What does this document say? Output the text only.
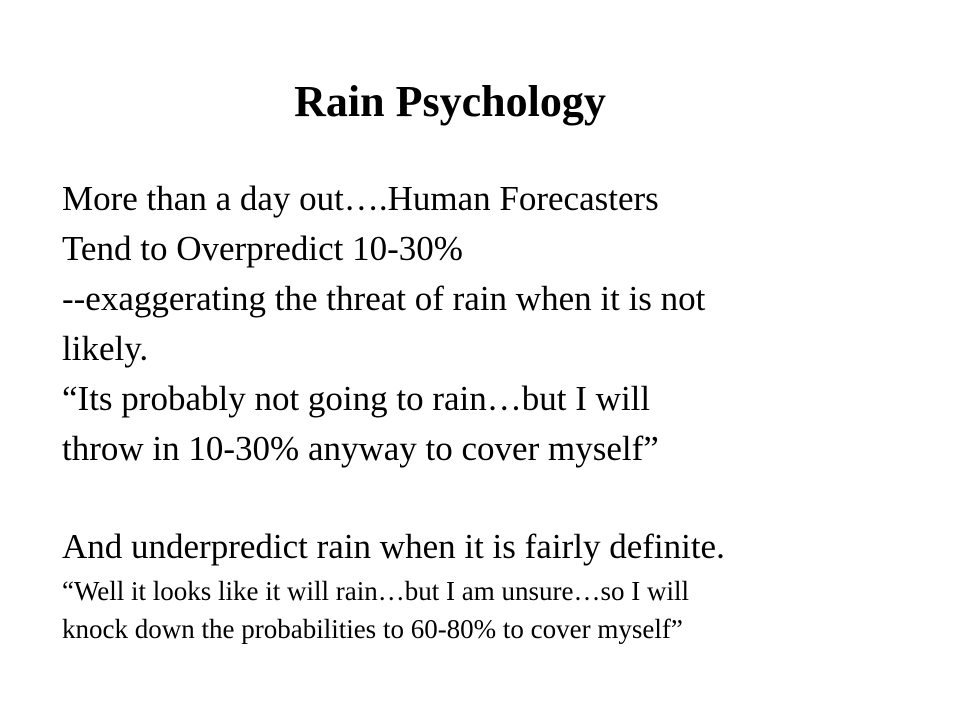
Rain Psychology
More than a day out….Human Forecasters
Tend to Overpredict 10-30%
--exaggerating the threat of rain when it is not
likely.
“Its probably not going to rain…but I will
throw in 10-30% anyway to cover myself”
And underpredict rain when it is fairly definite.
“Well it looks like it will rain…but I am unsure…so I will
knock down the probabilities to 60-80% to cover myself”
